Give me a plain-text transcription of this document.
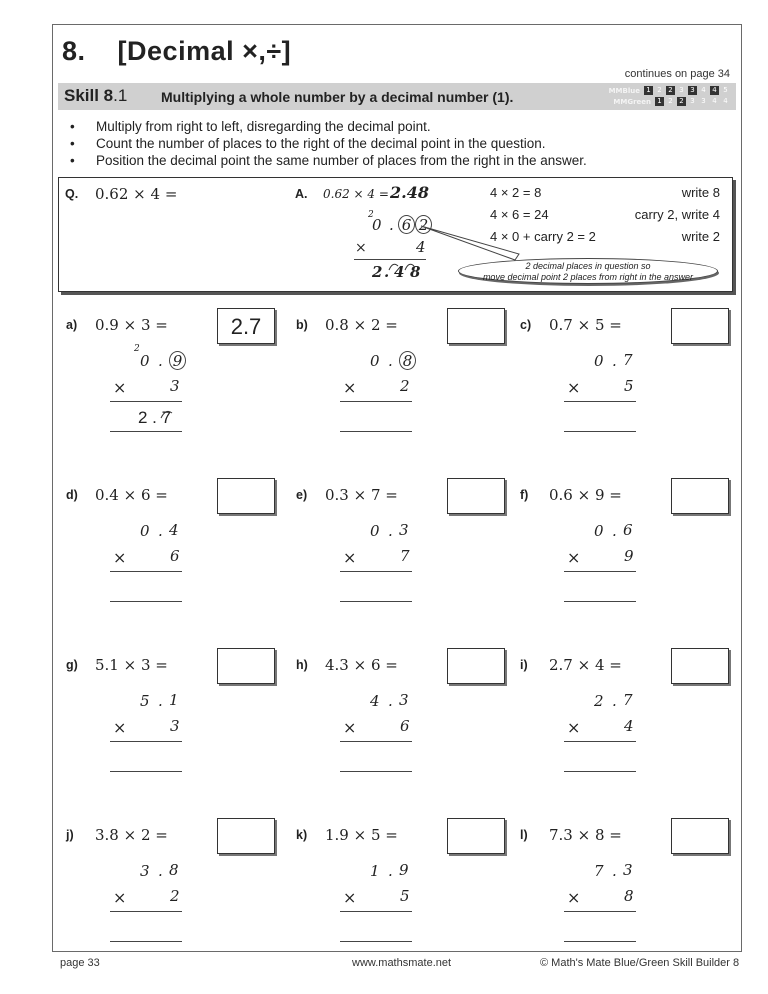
8. [Decimal ×,÷]
continues on page 34
Skill 8.1 Multiplying a whole number by a decimal number (1).	MMBlue 1 2 2 3 3 4 4 5
MMGreen 1 2 2 3 3 4 4
• Multiply from right to left, disregarding the decimal point.
• Count the number of places to the right of the decimal point in the question.
• Position the decimal point the same number of places from the right in the answer.
Q. 0.62 × 4 =	A. 0.62 × 4 = 2.48
2
0 . 6 2
×	4
2 . 4 8
4 × 2 = 8	write 8
4 × 6 = 24	carry 2, write 4
4 × 0 + carry 2 = 2	write 2
2 decimal places in question so
move decimal point 2 places from right in the answer
a) 0.9 × 3 =	2.7
2
0 . 9
×	3
2 . 7
b) 0.8 × 2 =
0 . 8
×	2
c) 0.7 × 5 =
0 . 7
×	5
d) 0.4 × 6 =
0 . 4
×	6
e) 0.3 × 7 =
0 . 3
×	7
f) 0.6 × 9 =
0 . 6
×	9
g) 5.1 × 3 =
5 . 1
×	3
h) 4.3 × 6 =
4 . 3
×	6
i) 2.7 × 4 =
2 . 7
×	4
j) 3.8 × 2 =
3 . 8
×	2
k) 1.9 × 5 =
1 . 9
×	5
l) 7.3 × 8 =
7 . 3
×	8
page 33	www.mathsmate.net	© Math's Mate Blue/Green Skill Builder 8
